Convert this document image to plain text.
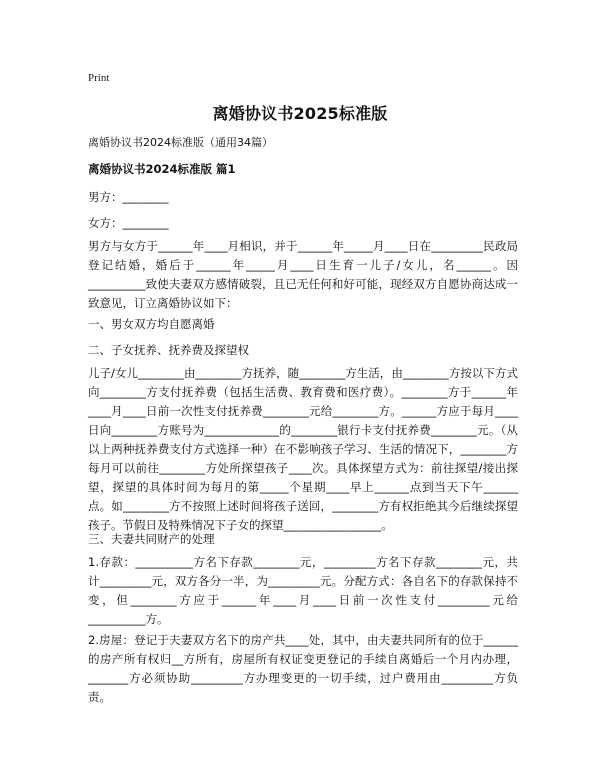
Print
离婚协议书2025标准版
离婚协议书2024标准版（通用34篇）
离婚协议书2024标准版 篇1
男方：________
女方：________
男方与女方于______年____月相识，并于______年_____月____日在_________民政局登记结婚，婚后于______年_____月____日生育一儿子/女儿，名______。因__________致使夫妻双方感情破裂，且已无任何和好可能，现经双方自愿协商达成一致意见，订立离婚协议如下：
一、男女双方均自愿离婚
二、子女抚养、抚养费及探望权
儿子/女儿________由________方抚养，随________方生活，由________方按以下方式向________方支付抚养费（包括生活费、教育费和医疗费）。________方于______年____月____日前一次性支付抚养费________元给________方。______方应于每月____日向________方账号为_____________的________银行卡支付抚养费________元。（从以上两种抚养费支付方式选择一种）在不影响孩子学习、生活的情况下，________方每月可以前往________方处所探望孩子____次。具体探望方式为：前往探望/接出探望，探望的具体时间为每月的第_____个星期____早上______点到当天下午______点。如________方不按照上述时间将孩子送回，________方有权拒绝其今后继续探望孩子。节假日及特殊情况下子女的探望_________________。
三、夫妻共同财产的处理
1.存款：__________方名下存款________元，_________方名下存款________元，共计_________元，双方各分一半，为_________元。分配方式：各自名下的存款保持不变，但________方应于______年____月____日前一次性支付_________元给__________方。
2.房屋：登记于夫妻双方名下的房产共____处，其中，由夫妻共同所有的位于______的房产所有权归__方所有，房屋所有权证变更登记的手续自离婚后一个月内办理，_______方必须协助_________方办理变更的一切手续，过户费用由_________方负责。
